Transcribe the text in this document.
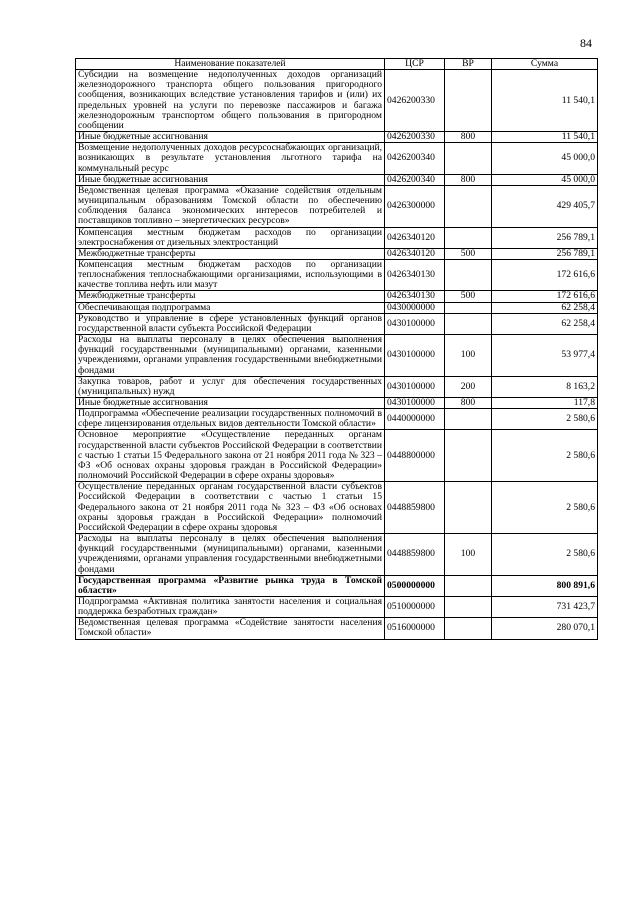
84
Наименование показателей	ЦСР	ВР	Сумма
Субсидии на возмещение недополученных доходов организаций железнодорожного транспорта общего пользования пригородного сообщения, возникающих вследствие установления тарифов и (или) их предельных уровней на услуги по перевозке пассажиров и багажа железнодорожным транспортом общего пользования в пригородном сообщении	0426200330		11 540,1
Иные бюджетные ассигнования	0426200330	800	11 540,1
Возмещение недополученных доходов ресурсоснабжающих организаций, возникающих в результате установления льготного тарифа на коммунальный ресурс	0426200340		45 000,0
Иные бюджетные ассигнования	0426200340	800	45 000,0
Ведомственная целевая программа «Оказание содействия отдельным муниципальным образованиям Томской области по обеспечению соблюдения баланса экономических интересов потребителей и поставщиков топливно – энергетических ресурсов»	0426300000		429 405,7
Компенсация местным бюджетам расходов по организации электроснабжения от дизельных электростанций	0426340120		256 789,1
Межбюджетные трансферты	0426340120	500	256 789,1
Компенсация местным бюджетам расходов по организации теплоснабжения теплоснабжающими организациями, использующими в качестве топлива нефть или мазут	0426340130		172 616,6
Межбюджетные трансферты	0426340130	500	172 616,6
Обеспечивающая подпрограмма	0430000000		62 258,4
Руководство и управление в сфере установленных функций органов государственной власти субъекта Российской Федерации	0430100000		62 258,4
Расходы на выплаты персоналу в целях обеспечения выполнения функций государственными (муниципальными) органами, казенными учреждениями, органами управления государственными внебюджетными фондами	0430100000	100	53 977,4
Закупка товаров, работ и услуг для обеспечения государственных (муниципальных) нужд	0430100000	200	8 163,2
Иные бюджетные ассигнования	0430100000	800	117,8
Подпрограмма «Обеспечение реализации государственных полномочий в сфере лицензирования отдельных видов деятельности Томской области»	0440000000		2 580,6
Основное мероприятие «Осуществление переданных органам государственной власти субъектов Российской Федерации в соответствии с частью 1 статьи 15 Федерального закона от 21 ноября 2011 года № 323 – ФЗ «Об основах охраны здоровья граждан в Российской Федерации» полномочий Российской Федерации в сфере охраны здоровья»	0448800000		2 580,6
Осуществление переданных органам государственной власти субъектов Российской Федерации в соответствии с частью 1 статьи 15 Федерального закона от 21 ноября 2011 года № 323 – ФЗ «Об основах охраны здоровья граждан в Российской Федерации» полномочий Российской Федерации в сфере охраны здоровья	0448859800		2 580,6
Расходы на выплаты персоналу в целях обеспечения выполнения функций государственными (муниципальными) органами, казенными учреждениями, органами управления государственными внебюджетными фондами	0448859800	100	2 580,6
Государственная программа «Развитие рынка труда в Томской области»	0500000000		800 891,6
Подпрограмма «Активная политика занятости населения и социальная поддержка безработных граждан»	0510000000		731 423,7
Ведомственная целевая программа «Содействие занятости населения Томской области»	0516000000		280 070,1
